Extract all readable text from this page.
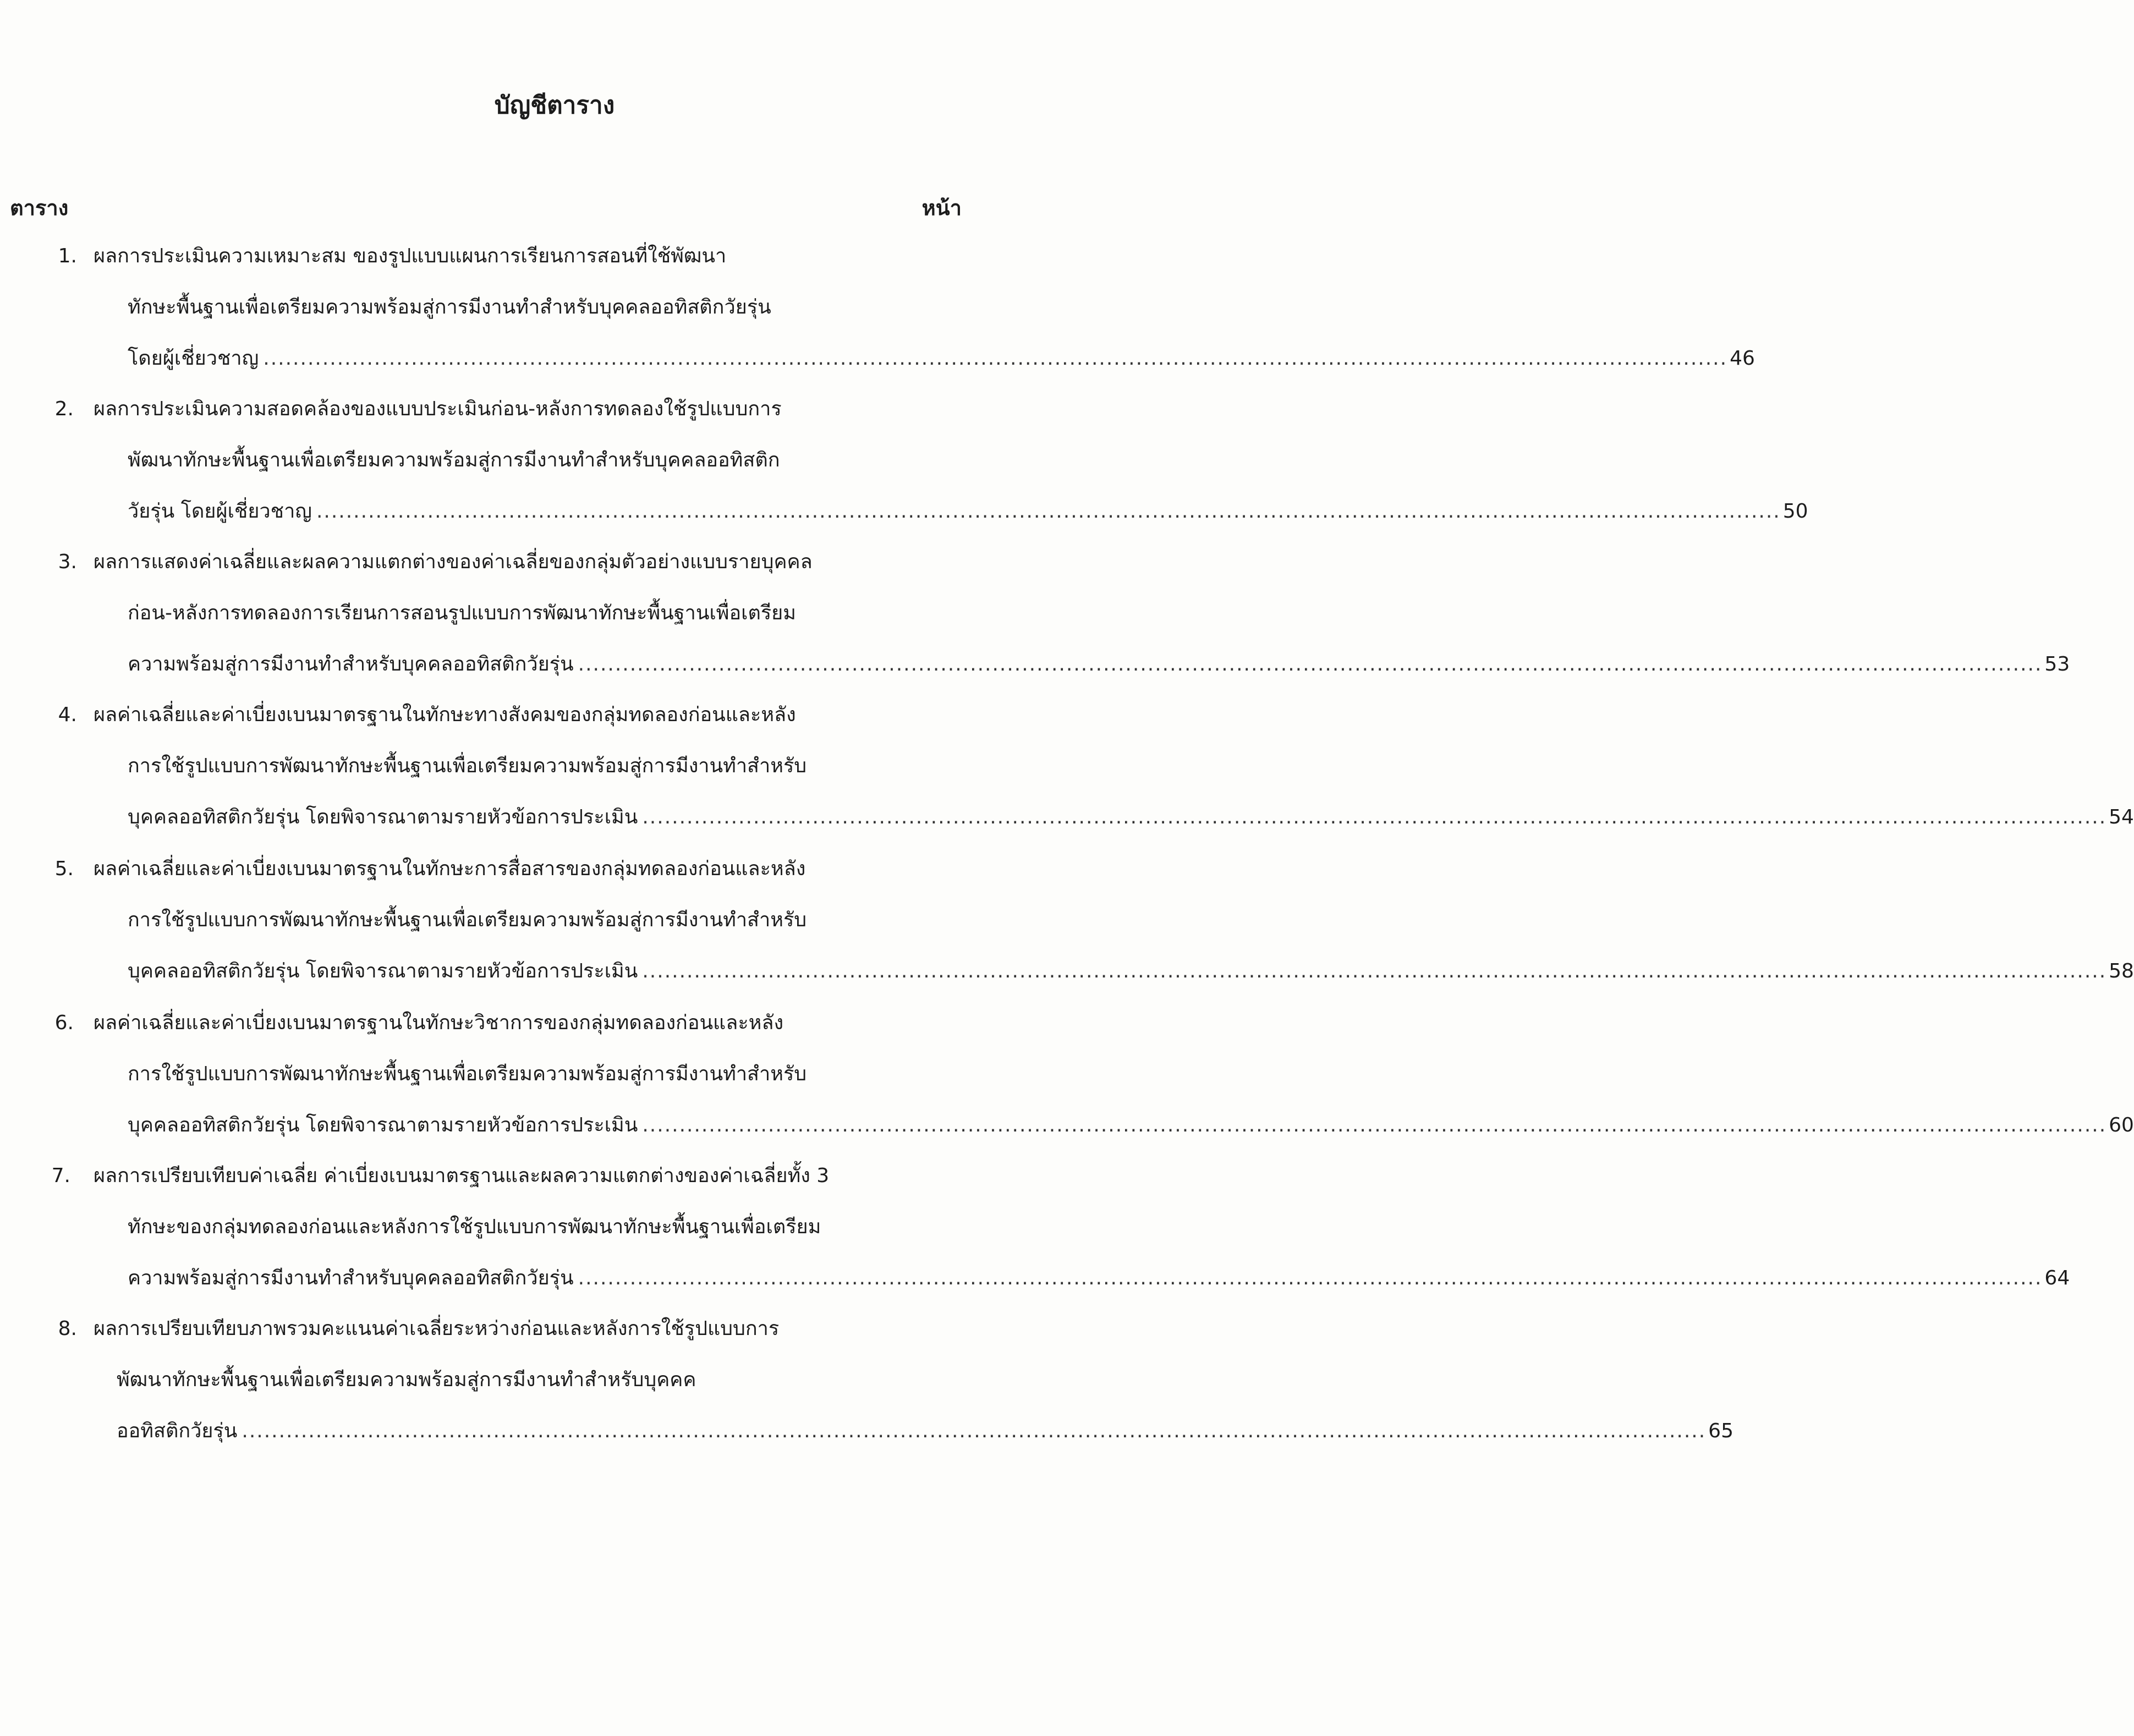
บัญชีตาราง
ตาราง	หน้า
1. ผลการประเมินความเหมาะสม ของรูปแบบแผนการเรียนการสอนที่ใช้พัฒนา
ทักษะพื้นฐานเพื่อเตรียมความพร้อมสู่การมีงานทำสำหรับบุคคลออทิสติกวัยรุ่น
โดยผู้เชี่ยวชาญ ...................................................................................................................................................................................................... 46
2. ผลการประเมินความสอดคล้องของแบบประเมินก่อน-หลังการทดลองใช้รูปแบบการ
พัฒนาทักษะพื้นฐานเพื่อเตรียมความพร้อมสู่การมีงานทำสำหรับบุคคลออทิสติก
วัยรุ่น โดยผู้เชี่ยวชาญ ...................................................................................................................................................................................................... 50
3. ผลการแสดงค่าเฉลี่ยและผลความแตกต่างของค่าเฉลี่ยของกลุ่มตัวอย่างแบบรายบุคคล
ก่อน-หลังการทดลองการเรียนการสอนรูปแบบการพัฒนาทักษะพื้นฐานเพื่อเตรียม
ความพร้อมสู่การมีงานทำสำหรับบุคคลออทิสติกวัยรุ่น ...................................................................................................................................................................................................... 53
4. ผลค่าเฉลี่ยและค่าเบี่ยงเบนมาตรฐานในทักษะทางสังคมของกลุ่มทดลองก่อนและหลัง
การใช้รูปแบบการพัฒนาทักษะพื้นฐานเพื่อเตรียมความพร้อมสู่การมีงานทำสำหรับ
บุคคลออทิสติกวัยรุ่น โดยพิจารณาตามรายหัวข้อการประเมิน ...................................................................................................................................................................................................... 54
5. ผลค่าเฉลี่ยและค่าเบี่ยงเบนมาตรฐานในทักษะการสื่อสารของกลุ่มทดลองก่อนและหลัง
การใช้รูปแบบการพัฒนาทักษะพื้นฐานเพื่อเตรียมความพร้อมสู่การมีงานทำสำหรับ
บุคคลออทิสติกวัยรุ่น โดยพิจารณาตามรายหัวข้อการประเมิน ...................................................................................................................................................................................................... 58
6. ผลค่าเฉลี่ยและค่าเบี่ยงเบนมาตรฐานในทักษะวิชาการของกลุ่มทดลองก่อนและหลัง
การใช้รูปแบบการพัฒนาทักษะพื้นฐานเพื่อเตรียมความพร้อมสู่การมีงานทำสำหรับ
บุคคลออทิสติกวัยรุ่น โดยพิจารณาตามรายหัวข้อการประเมิน ...................................................................................................................................................................................................... 60
7. ผลการเปรียบเทียบค่าเฉลี่ย ค่าเบี่ยงเบนมาตรฐานและผลความแตกต่างของค่าเฉลี่ยทั้ง 3
ทักษะของกลุ่มทดลองก่อนและหลังการใช้รูปแบบการพัฒนาทักษะพื้นฐานเพื่อเตรียม
ความพร้อมสู่การมีงานทำสำหรับบุคคลออทิสติกวัยรุ่น ...................................................................................................................................................................................................... 64
8. ผลการเปรียบเทียบภาพรวมคะแนนค่าเฉลี่ยระหว่างก่อนและหลังการใช้รูปแบบการ
พัฒนาทักษะพื้นฐานเพื่อเตรียมความพร้อมสู่การมีงานทำสำหรับบุคคค
ออทิสติกวัยรุ่น ...................................................................................................................................................................................................... 65
